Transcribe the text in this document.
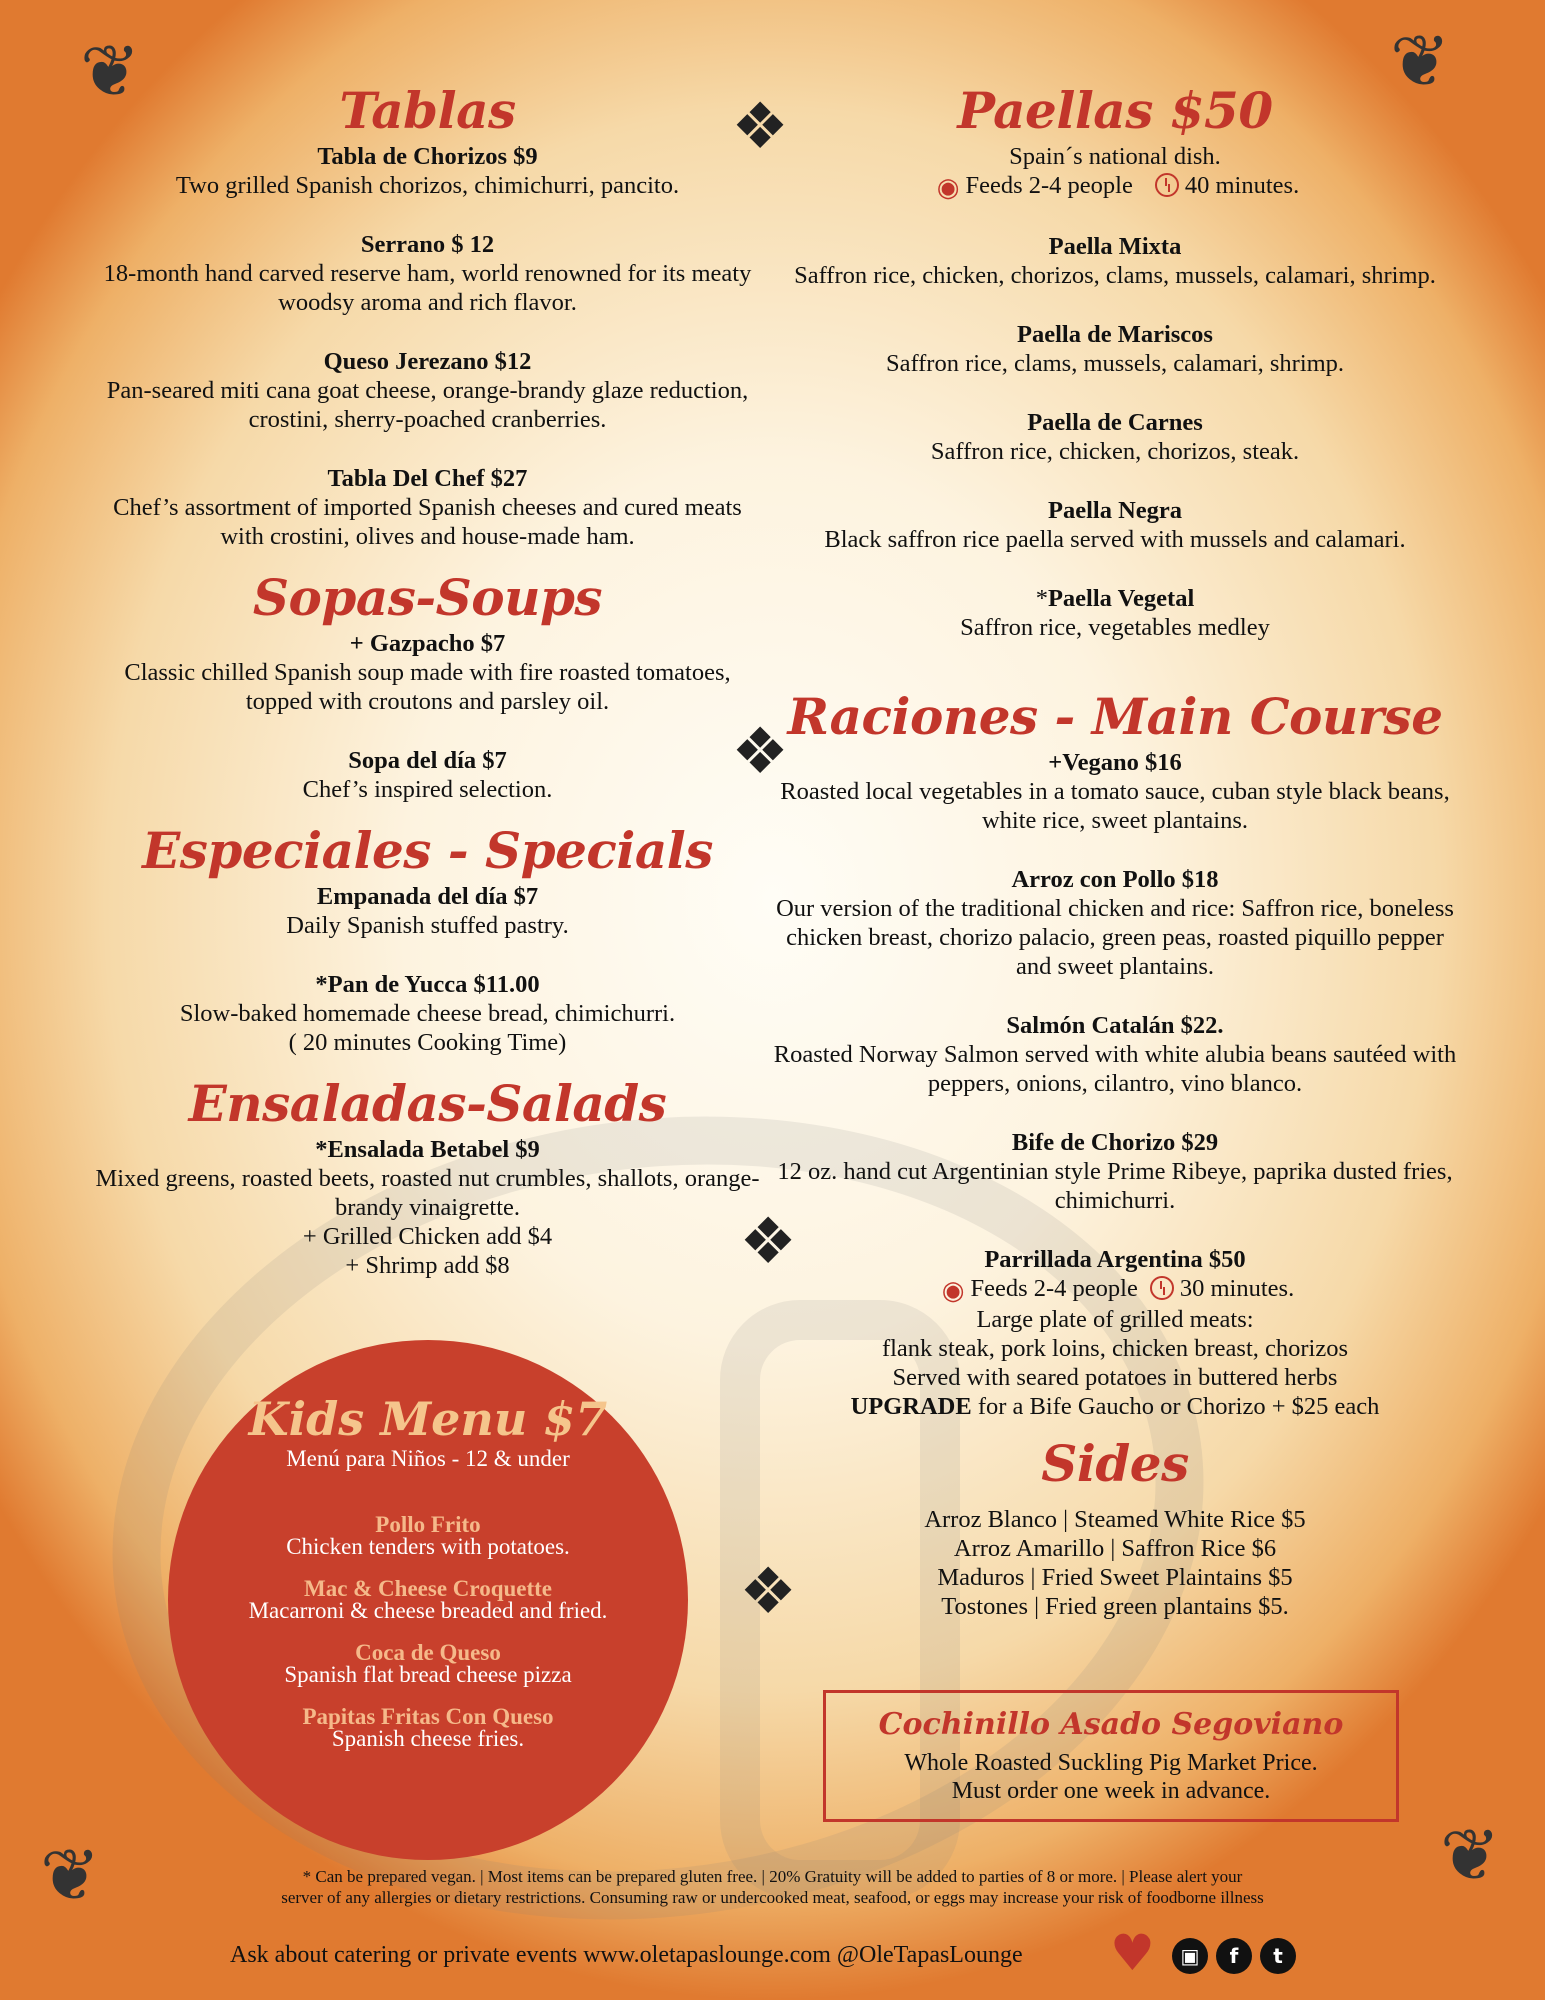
❦	❦
❦	❦
❖
❖
❖
❖
Tablas
Tabla de Chorizos $9
Two grilled Spanish chorizos, chimichurri, pancito.
Serrano $ 12
18-month hand carved reserve ham, world renowned for its meaty woodsy aroma and rich flavor.
Queso Jerezano $12
Pan-seared miti cana goat cheese, orange-brandy glaze reduction, crostini, sherry-poached cranberries.
Tabla Del Chef $27
Chef’s assortment of imported Spanish cheeses and cured meats with crostini, olives and house-made ham.
Sopas-Soups
+ Gazpacho $7
Classic chilled Spanish soup made with fire roasted tomatoes, topped with croutons and parsley oil.
Sopa del día $7
Chef’s inspired selection.
Especiales - Specials
Empanada del día $7
Daily Spanish stuffed pastry.
*Pan de Yucca $11.00
Slow-baked homemade cheese bread, chimichurri.
( 20 minutes Cooking Time)
Ensaladas-Salads
*Ensalada Betabel $9
Mixed greens, roasted beets, roasted nut crumbles, shallots, orange-brandy vinaigrette.
+ Grilled Chicken add $4
+ Shrimp add $8
Kids Menu $7
Menú para Niños - 12 & under
Pollo Frito
Chicken tenders with potatoes.
Mac & Cheese Croquette
Macarroni & cheese breaded and fried.
Coca de Queso
Spanish flat bread cheese pizza
Papitas Fritas Con Queso
Spanish cheese fries.
Paellas $50
Spain´s national dish.
◉ Feeds 2-4 people 40 minutes.
Paella Mixta
Saffron rice, chicken, chorizos, clams, mussels, calamari, shrimp.
Paella de Mariscos
Saffron rice, clams, mussels, calamari, shrimp.
Paella de Carnes
Saffron rice, chicken, chorizos, steak.
Paella Negra
Black saffron rice paella served with mussels and calamari.
*Paella Vegetal
Saffron rice, vegetables medley
Raciones - Main Course
+Vegano $16
Roasted local vegetables in a tomato sauce, cuban style black beans, white rice, sweet plantains.
Arroz con Pollo $18
Our version of the traditional chicken and rice: Saffron rice, boneless chicken breast, chorizo palacio, green peas, roasted piquillo pepper and sweet plantains.
Salmón Catalán $22.
Roasted Norway Salmon served with white alubia beans sautéed with peppers, onions, cilantro, vino blanco.
Bife de Chorizo $29
12 oz. hand cut Argentinian style Prime Ribeye, paprika dusted fries, chimichurri.
Parrillada Argentina $50
◉ Feeds 2-4 people 30 minutes.
Large plate of grilled meats:
flank steak, pork loins, chicken breast, chorizos
Served with seared potatoes in buttered herbs
UPGRADE for a Bife Gaucho or Chorizo + $25 each
Sides
Arroz Blanco | Steamed White Rice $5
Arroz Amarillo | Saffron Rice $6
Maduros | Fried Sweet Plaintains $5
Tostones | Fried green plantains $5.
Cochinillo Asado Segoviano
Whole Roasted Suckling Pig Market Price.
Must order one week in advance.
* Can be prepared vegan. | Most items can be prepared gluten free. | 20% Gratuity will be added to parties of 8 or more. | Please alert your
server of any allergies or dietary restrictions. Consuming raw or undercooked meat, seafood, or eggs may increase your risk of foodborne illness
Ask about catering or private events www.oletapaslounge.com @OleTapasLounge	♥	▣	f	t
